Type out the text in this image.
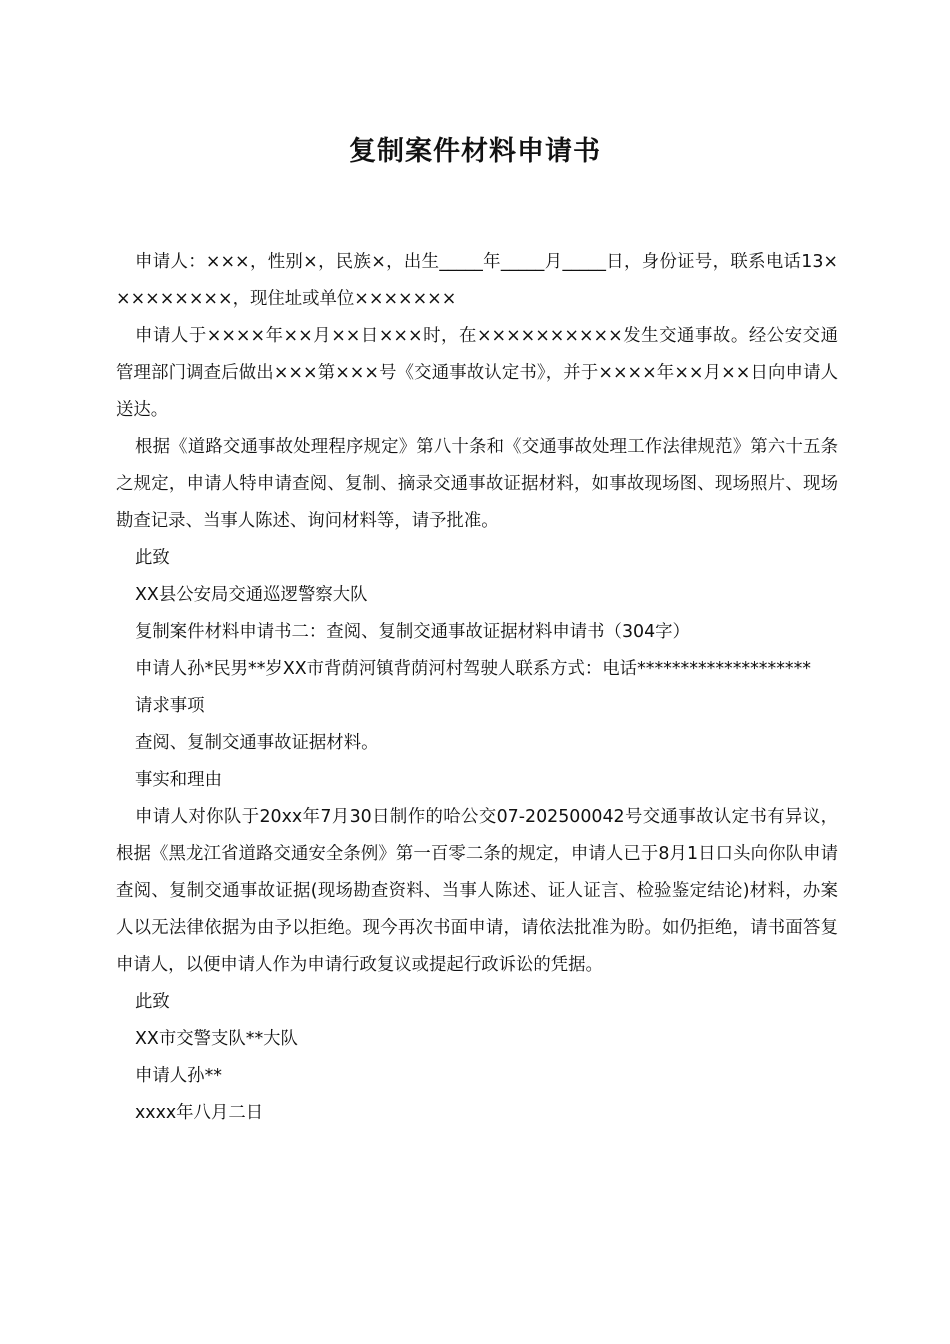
复制案件材料申请书

申请人：×××，性别×，民族×，出生_____年_____月_____日，身份证号，联系电话13×××××××××，现住址或单位×××××××

申请人于××××年××月××日×××时，在××××××××××发生交通事故。经公安交通管理部门调查后做出×××第×××号《交通事故认定书》，并于××××年××月××日向申请人送达。

根据《道路交通事故处理程序规定》第八十条和《交通事故处理工作法律规范》第六十五条之规定，申请人特申请查阅、复制、摘录交通事故证据材料，如事故现场图、现场照片、现场勘查记录、当事人陈述、询问材料等，请予批准。

此致

XX县公安局交通巡逻警察大队

复制案件材料申请书二：查阅、复制交通事故证据材料申请书（304字）

申请人孙*民男**岁XX市背荫河镇背荫河村驾驶人联系方式：电话********************

请求事项

查阅、复制交通事故证据材料。

事实和理由

申请人对你队于20xx年7月30日制作的哈公交07-202500042号交通事故认定书有异议，根据《黑龙江省道路交通安全条例》第一百零二条的规定，申请人已于8月1日口头向你队申请查阅、复制交通事故证据(现场勘查资料、当事人陈述、证人证言、检验鉴定结论)材料，办案人以无法律依据为由予以拒绝。现今再次书面申请，请依法批准为盼。如仍拒绝，请书面答复申请人，以便申请人作为申请行政复议或提起行政诉讼的凭据。

此致

XX市交警支队**大队

申请人孙**

xxxx年八月二日
